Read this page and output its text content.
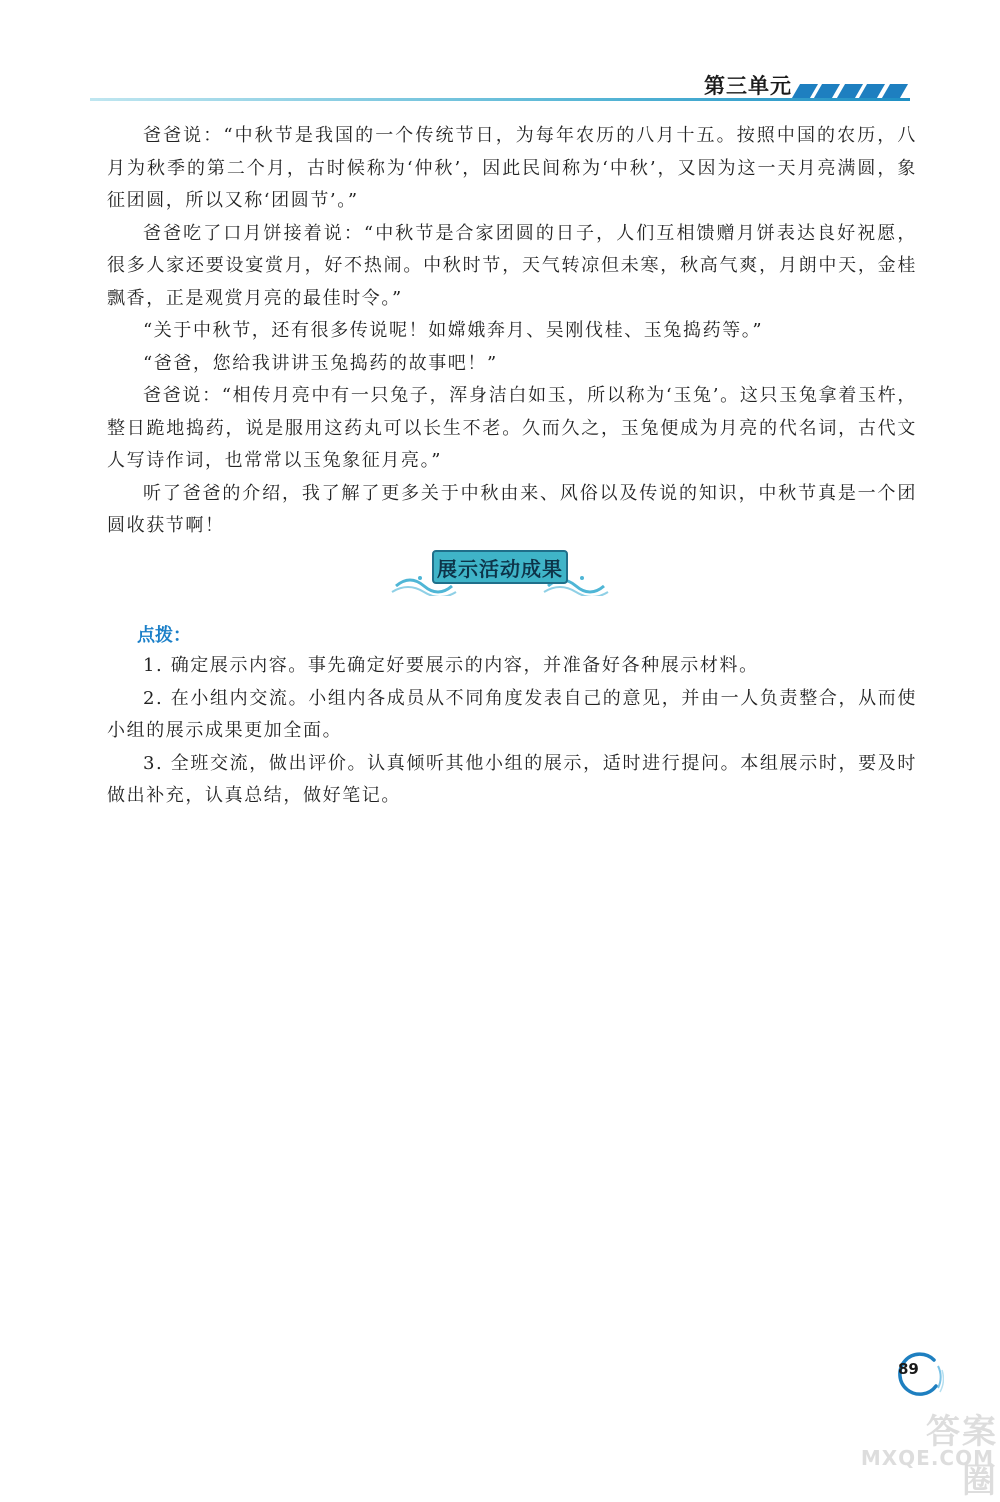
第三单元

爸爸说：“中秋节是我国的一个传统节日，为每年农历的八月十五。按照中国的农历，八月为秋季的第二个月，古时候称为‘仲秋’，因此民间称为‘中秋’，又因为这一天月亮满圆，象征团圆，所以又称‘团圆节’。”

爸爸吃了口月饼接着说：“中秋节是合家团圆的日子，人们互相馈赠月饼表达良好祝愿，很多人家还要设宴赏月，好不热闹。中秋时节，天气转凉但未寒，秋高气爽，月朗中天，金桂飘香，正是观赏月亮的最佳时令。”

“关于中秋节，还有很多传说呢！如嫦娥奔月、吴刚伐桂、玉兔捣药等。”

“爸爸，您给我讲讲玉兔捣药的故事吧！”

爸爸说：“相传月亮中有一只兔子，浑身洁白如玉，所以称为‘玉兔’。这只玉兔拿着玉杵，整日跪地捣药，说是服用这药丸可以长生不老。久而久之，玉兔便成为月亮的代名词，古代文人写诗作词，也常常以玉兔象征月亮。”

听了爸爸的介绍，我了解了更多关于中秋由来、风俗以及传说的知识，中秋节真是一个团圆收获节啊！

展示活动成果

点拨：

1. 确定展示内容。事先确定好要展示的内容，并准备好各种展示材料。

2. 在小组内交流。小组内各成员从不同角度发表自己的意见，并由一人负责整合，从而使小组的展示成果更加全面。

3. 全班交流，做出评价。认真倾听其他小组的展示，适时进行提问。本组展示时，要及时做出补充，认真总结，做好笔记。

89
答案圈
MXQE.COM
